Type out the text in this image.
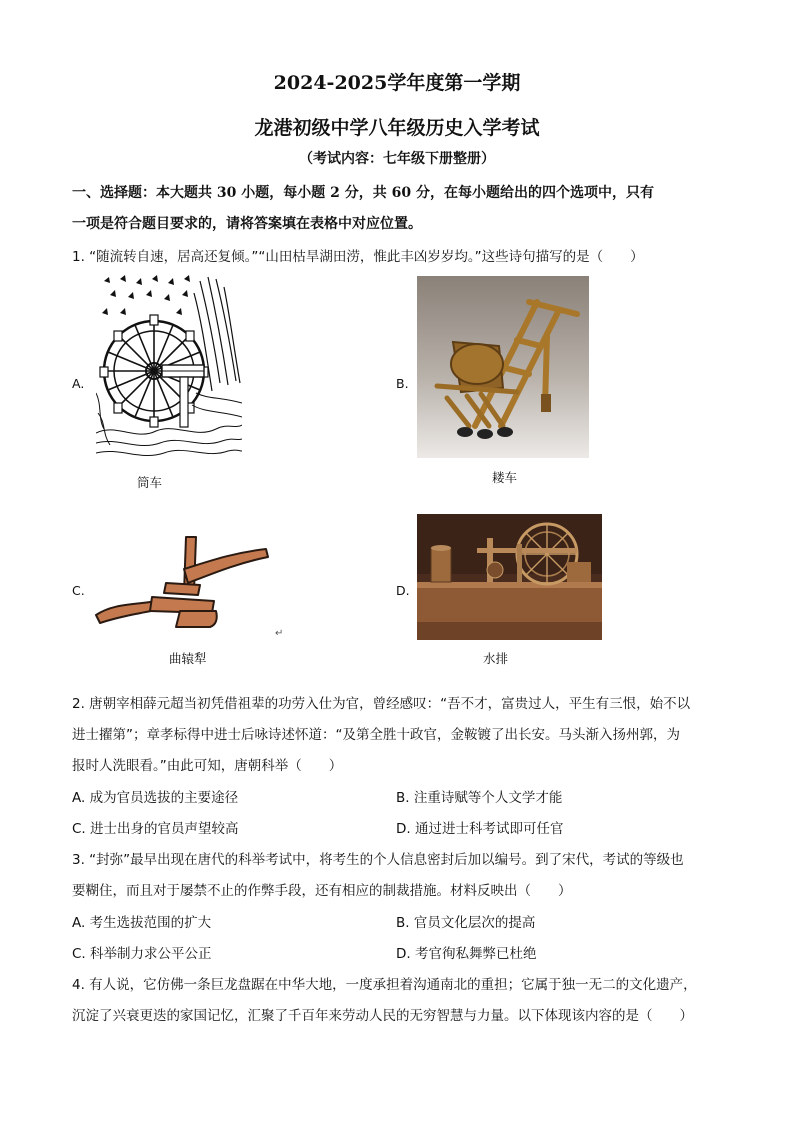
2024-2025学年度第一学期
龙港初级中学八年级历史入学考试
（考试内容：七年级下册整册）
一、选择题：本大题共 30 小题，每小题 2 分，共 60 分，在每小题给出的四个选项中，只有
一项是符合题目要求的，请将答案填在表格中对应位置。
1. “随流转自速，居高还复倾。”“山田枯旱湖田涝，惟此丰凶岁岁均。”这些诗句描写的是（　　）
A.
筒车
B.
耧车
C.
↵
曲辕犁
D.
水排
2. 唐朝宰相薛元超当初凭借祖辈的功劳入仕为官，曾经感叹：“吾不才，富贵过人，平生有三恨，始不以
进士擢第”；章孝标得中进士后咏诗述怀道：“及第全胜十政官，金鞍镀了出长安。马头渐入扬州郭，为
报时人洗眼看。”由此可知，唐朝科举（　　）
A. 成为官员选拔的主要途径	B. 注重诗赋等个人文学才能
C. 进士出身的官员声望较高	D. 通过进士科考试即可任官
3. “封弥”最早出现在唐代的科举考试中，将考生的个人信息密封后加以编号。到了宋代，考试的等级也
要糊住，而且对于屡禁不止的作弊手段，还有相应的制裁措施。材料反映出（　　）
A. 考生选拔范围的扩大	B. 官员文化层次的提高
C. 科举制力求公平公正	D. 考官徇私舞弊已杜绝
4. 有人说，它仿佛一条巨龙盘踞在中华大地，一度承担着沟通南北的重担；它属于独一无二的文化遗产，
沉淀了兴衰更迭的家国记忆，汇聚了千百年来劳动人民的无穷智慧与力量。以下体现该内容的是（　　）
